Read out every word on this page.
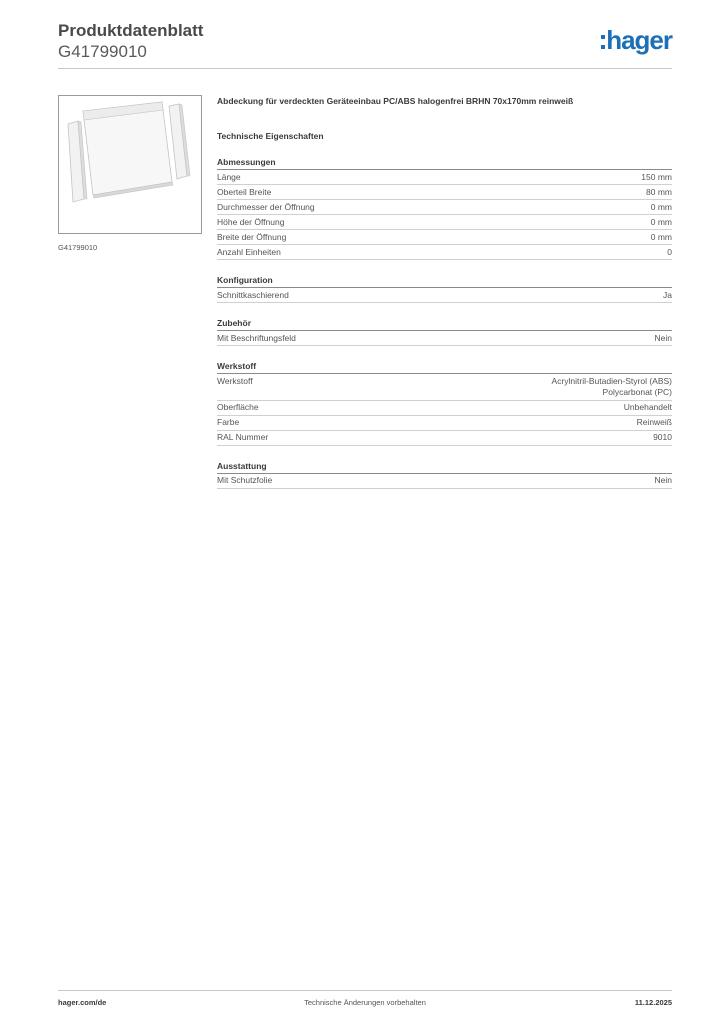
Produktdatenblatt
G41799010	hager
G41799010
Abdeckung für verdeckten Geräteeinbau PC/ABS halogenfrei BRHN 70x170mm reinweiß
Technische Eigenschaften
Abmessungen
Länge	150 mm
Oberteil Breite	80 mm
Durchmesser der Öffnung	0 mm
Höhe der Öffnung	0 mm
Breite der Öffnung	0 mm
Anzahl Einheiten	0
Konfiguration
Schnittkaschierend	Ja
Zubehör
Mit Beschriftungsfeld	Nein
Werkstoff
Werkstoff	Acrylnitril-Butadien-Styrol (ABS)
Polycarbonat (PC)
Oberfläche	Unbehandelt
Farbe	Reinweiß
RAL Nummer	9010
Ausstattung
Mit Schutzfolie	Nein
hager.com/de	Technische Änderungen vorbehalten	11.12.2025
